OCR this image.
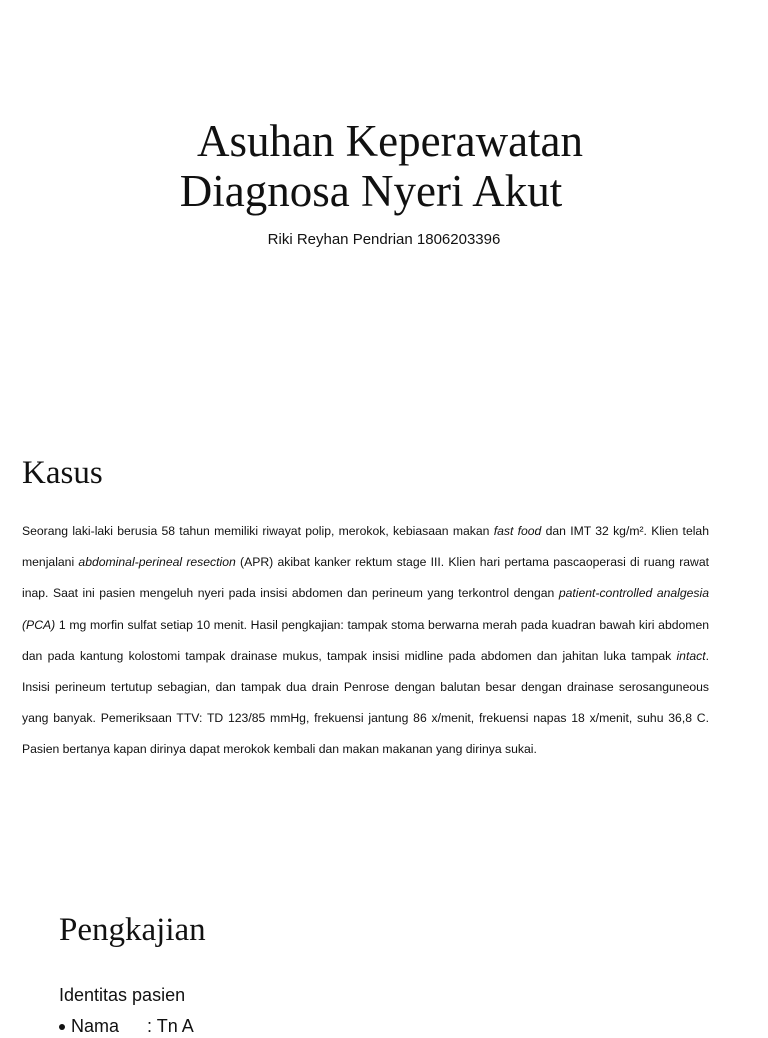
Asuhan Keperawatan
Diagnosa Nyeri Akut
Riki Reyhan Pendrian 1806203396
Kasus
Seorang laki-laki berusia 58 tahun memiliki riwayat polip, merokok, kebiasaan makan fast food dan IMT 32 kg/m². Klien telah menjalani abdominal-perineal resection (APR) akibat kanker rektum stage III. Klien hari pertama pascaoperasi di ruang rawat inap. Saat ini pasien mengeluh nyeri pada insisi abdomen dan perineum yang terkontrol dengan patient-controlled analgesia (PCA) 1 mg morfin sulfat setiap 10 menit. Hasil pengkajian: tampak stoma berwarna merah pada kuadran bawah kiri abdomen dan pada kantung kolostomi tampak drainase mukus, tampak insisi midline pada abdomen dan jahitan luka tampak intact. Insisi perineum tertutup sebagian, dan tampak dua drain Penrose dengan balutan besar dengan drainase serosanguneous yang banyak. Pemeriksaan TTV: TD 123/85 mmHg, frekuensi jantung 86 x/menit, frekuensi napas 18 x/menit, suhu 36,8 C. Pasien bertanya kapan dirinya dapat merokok kembali dan makan makanan yang dirinya sukai.
Pengkajian
Identitas pasien
Nama : Tn A
